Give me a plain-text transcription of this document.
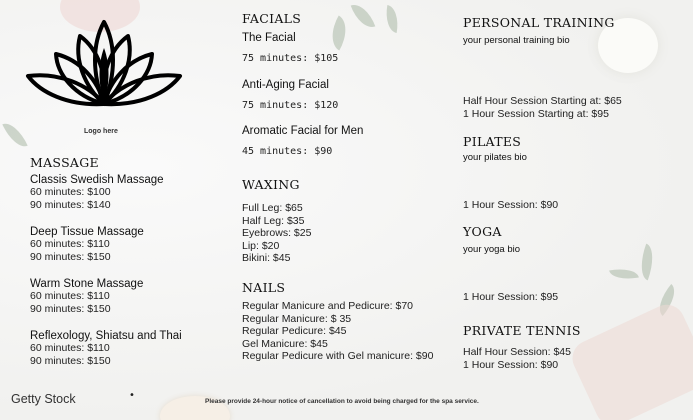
Logo here
MASSAGE
Classis Swedish Massage
60 minutes: $100
90 minutes: $140
Deep Tissue Massage
60 minutes: $110
90 minutes: $150
Warm Stone Massage
60 minutes: $110
90 minutes: $150
Reflexology, Shiatsu and Thai
60 minutes: $110
90 minutes: $150
FACIALS
The Facial
75 minutes: $105
Anti-Aging Facial
75 minutes: $120
Aromatic Facial for Men
45 minutes: $90
WAXING
Full Leg: $65
Half Leg: $35
Eyebrows: $25
Lip: $20
Bikini: $45
NAILS
Regular Manicure and Pedicure: $70
Regular Manicure: $ 35
Regular Pedicure: $45
Gel Manicure: $45
Regular Pedicure with Gel manicure: $90
PERSONAL TRAINING
your personal training bio
Half Hour Session Starting at: $65
1 Hour Session Starting at: $95
PILATES
your pilates bio
1 Hour Session: $90
YOGA
your yoga bio
1 Hour Session: $95
PRIVATE TENNIS
Half Hour Session: $45
1 Hour Session: $90
Getty Stock	•
Please provide 24-hour notice of cancellation to avoid being charged for the spa service.
